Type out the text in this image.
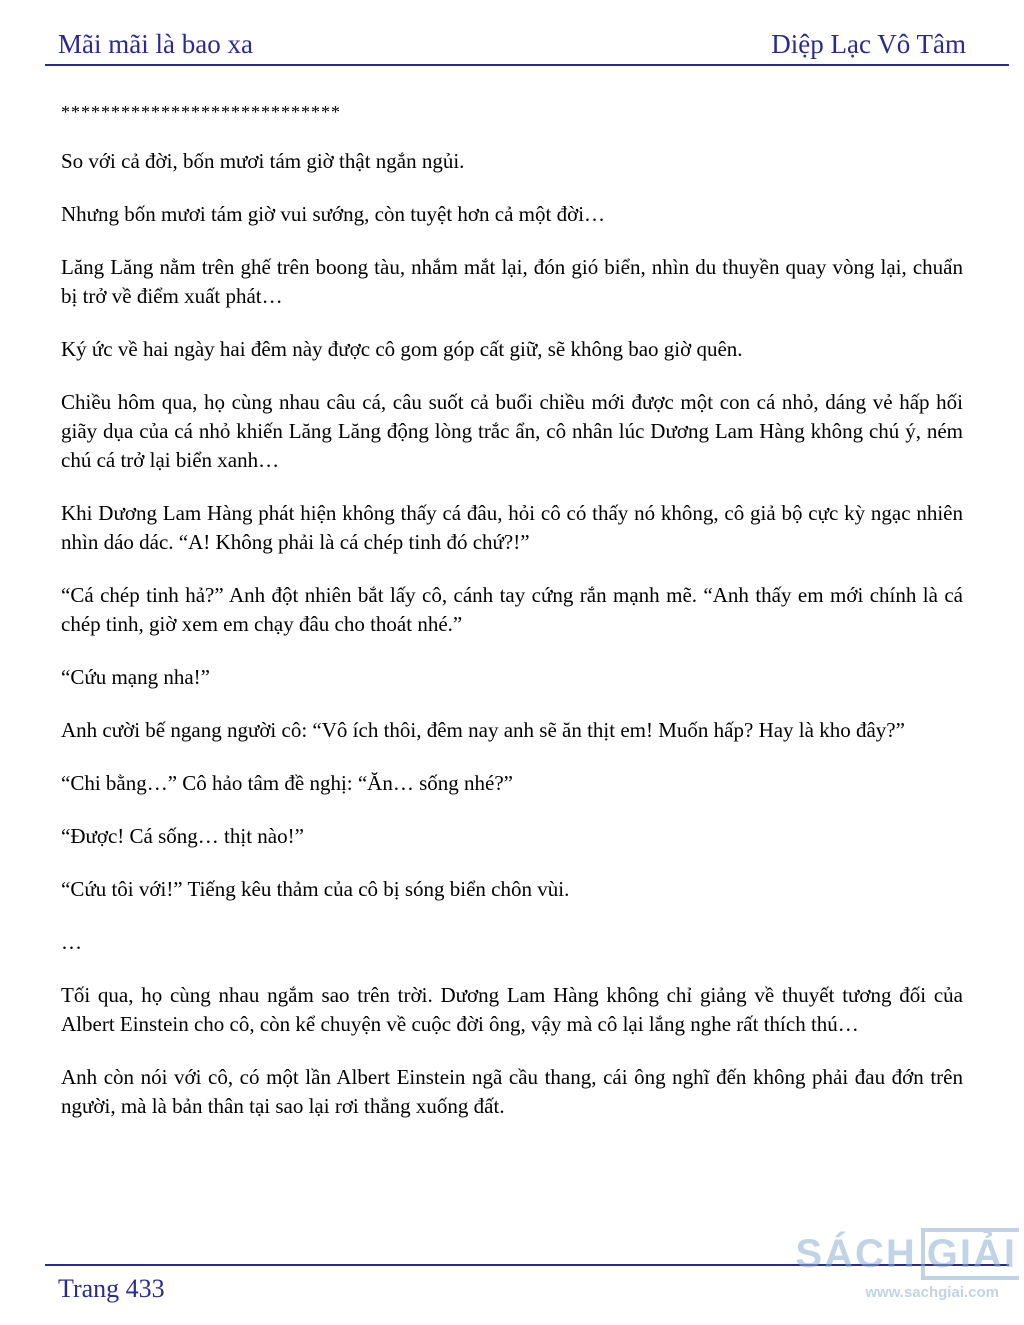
Mãi mãi là bao xa	Diệp Lạc Vô Tâm

****************************

So với cả đời, bốn mươi tám giờ thật ngắn ngủi.

Nhưng bốn mươi tám giờ vui sướng, còn tuyệt hơn cả một đời…

Lăng Lăng nằm trên ghế trên boong tàu, nhắm mắt lại, đón gió biển, nhìn du thuyền quay vòng lại, chuẩn bị trở về điểm xuất phát…

Ký ức về hai ngày hai đêm này được cô gom góp cất giữ, sẽ không bao giờ quên.

Chiều hôm qua, họ cùng nhau câu cá, câu suốt cả buổi chiều mới được một con cá nhỏ, dáng vẻ hấp hối giãy dụa của cá nhỏ khiến Lăng Lăng động lòng trắc ẩn, cô nhân lúc Dương Lam Hàng không chú ý, ném chú cá trở lại biển xanh…

Khi Dương Lam Hàng phát hiện không thấy cá đâu, hỏi cô có thấy nó không, cô giả bộ cực kỳ ngạc nhiên nhìn dáo dác. “A! Không phải là cá chép tinh đó chứ?!”

“Cá chép tinh hả?” Anh đột nhiên bắt lấy cô, cánh tay cứng rắn mạnh mẽ. “Anh thấy em mới chính là cá chép tinh, giờ xem em chạy đâu cho thoát nhé.”

“Cứu mạng nha!”

Anh cười bế ngang người cô: “Vô ích thôi, đêm nay anh sẽ ăn thịt em! Muốn hấp? Hay là kho đây?”

“Chi bằng…” Cô hảo tâm đề nghị: “Ăn… sống nhé?”

“Được! Cá sống… thịt nào!”

“Cứu tôi với!” Tiếng kêu thảm của cô bị sóng biển chôn vùi.

…

Tối qua, họ cùng nhau ngắm sao trên trời. Dương Lam Hàng không chỉ giảng về thuyết tương đối của Albert Einstein cho cô, còn kể chuyện về cuộc đời ông, vậy mà cô lại lắng nghe rất thích thú…

Anh còn nói với cô, có một lần Albert Einstein ngã cầu thang, cái ông nghĩ đến không phải đau đớn trên người, mà là bản thân tại sao lại rơi thẳng xuống đất.

Trang 433
SÁCH GIẢI
www.sachgiai.com
